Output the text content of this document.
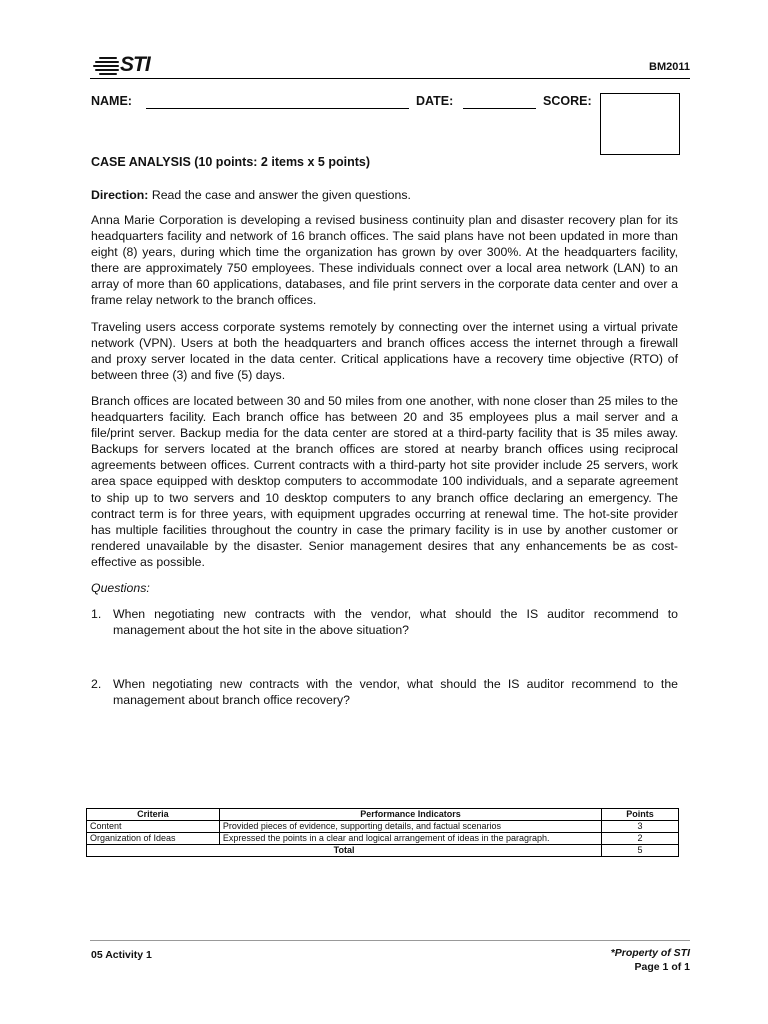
STI	BM2011
NAME:	DATE:	SCORE:
CASE ANALYSIS (10 points: 2 items x 5 points)
Direction: Read the case and answer the given questions.
Anna Marie Corporation is developing a revised business continuity plan and disaster recovery plan for its headquarters facility and network of 16 branch offices. The said plans have not been updated in more than eight (8) years, during which time the organization has grown by over 300%. At the headquarters facility, there are approximately 750 employees. These individuals connect over a local area network (LAN) to an array of more than 60 applications, databases, and file print servers in the corporate data center and over a frame relay network to the branch offices.
Traveling users access corporate systems remotely by connecting over the internet using a virtual private network (VPN). Users at both the headquarters and branch offices access the internet through a firewall and proxy server located in the data center. Critical applications have a recovery time objective (RTO) of between three (3) and five (5) days.
Branch offices are located between 30 and 50 miles from one another, with none closer than 25 miles to the headquarters facility. Each branch office has between 20 and 35 employees plus a mail server and a file/print server. Backup media for the data center are stored at a third-party facility that is 35 miles away. Backups for servers located at the branch offices are stored at nearby branch offices using reciprocal agreements between offices. Current contracts with a third-party hot site provider include 25 servers, work area space equipped with desktop computers to accommodate 100 individuals, and a separate agreement to ship up to two servers and 10 desktop computers to any branch office declaring an emergency. The contract term is for three years, with equipment upgrades occurring at renewal time. The hot-site provider has multiple facilities throughout the country in case the primary facility is in use by another customer or rendered unavailable by the disaster. Senior management desires that any enhancements be as cost-effective as possible.
Questions:
1. When negotiating new contracts with the vendor, what should the IS auditor recommend to management about the hot site in the above situation?
2. When negotiating new contracts with the vendor, what should the IS auditor recommend to the management about branch office recovery?
Criteria	Performance Indicators	Points
Content	Provided pieces of evidence, supporting details, and factual scenarios	3
Organization of Ideas	Expressed the points in a clear and logical arrangement of ideas in the paragraph.	2
Total		5
05 Activity 1	*Property of STI
Page 1 of 1
